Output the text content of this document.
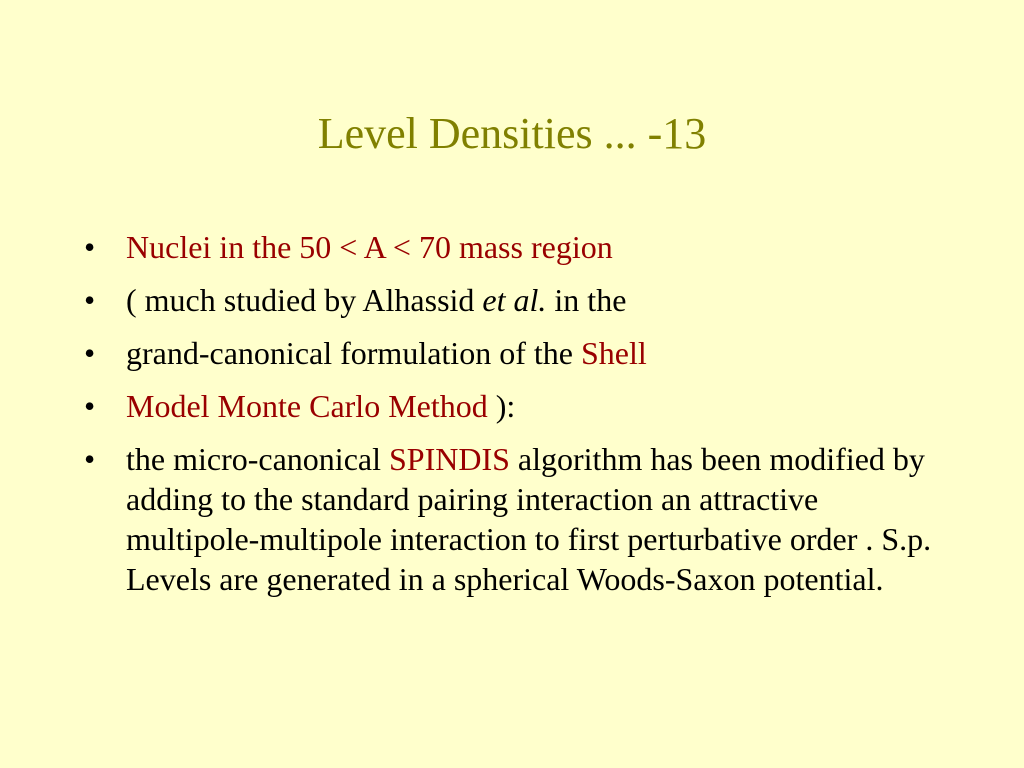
Level Densities ... -13
• Nuclei in the 50 < A < 70 mass region
• ( much studied by Alhassid et al. in the
• grand-canonical formulation of the Shell
• Model Monte Carlo Method ):
• the micro-canonical SPINDIS algorithm has been modified by adding to the standard pairing interaction an attractive multipole-multipole interaction to first perturbative order . S.p. Levels are generated in a spherical Woods-Saxon potential.
